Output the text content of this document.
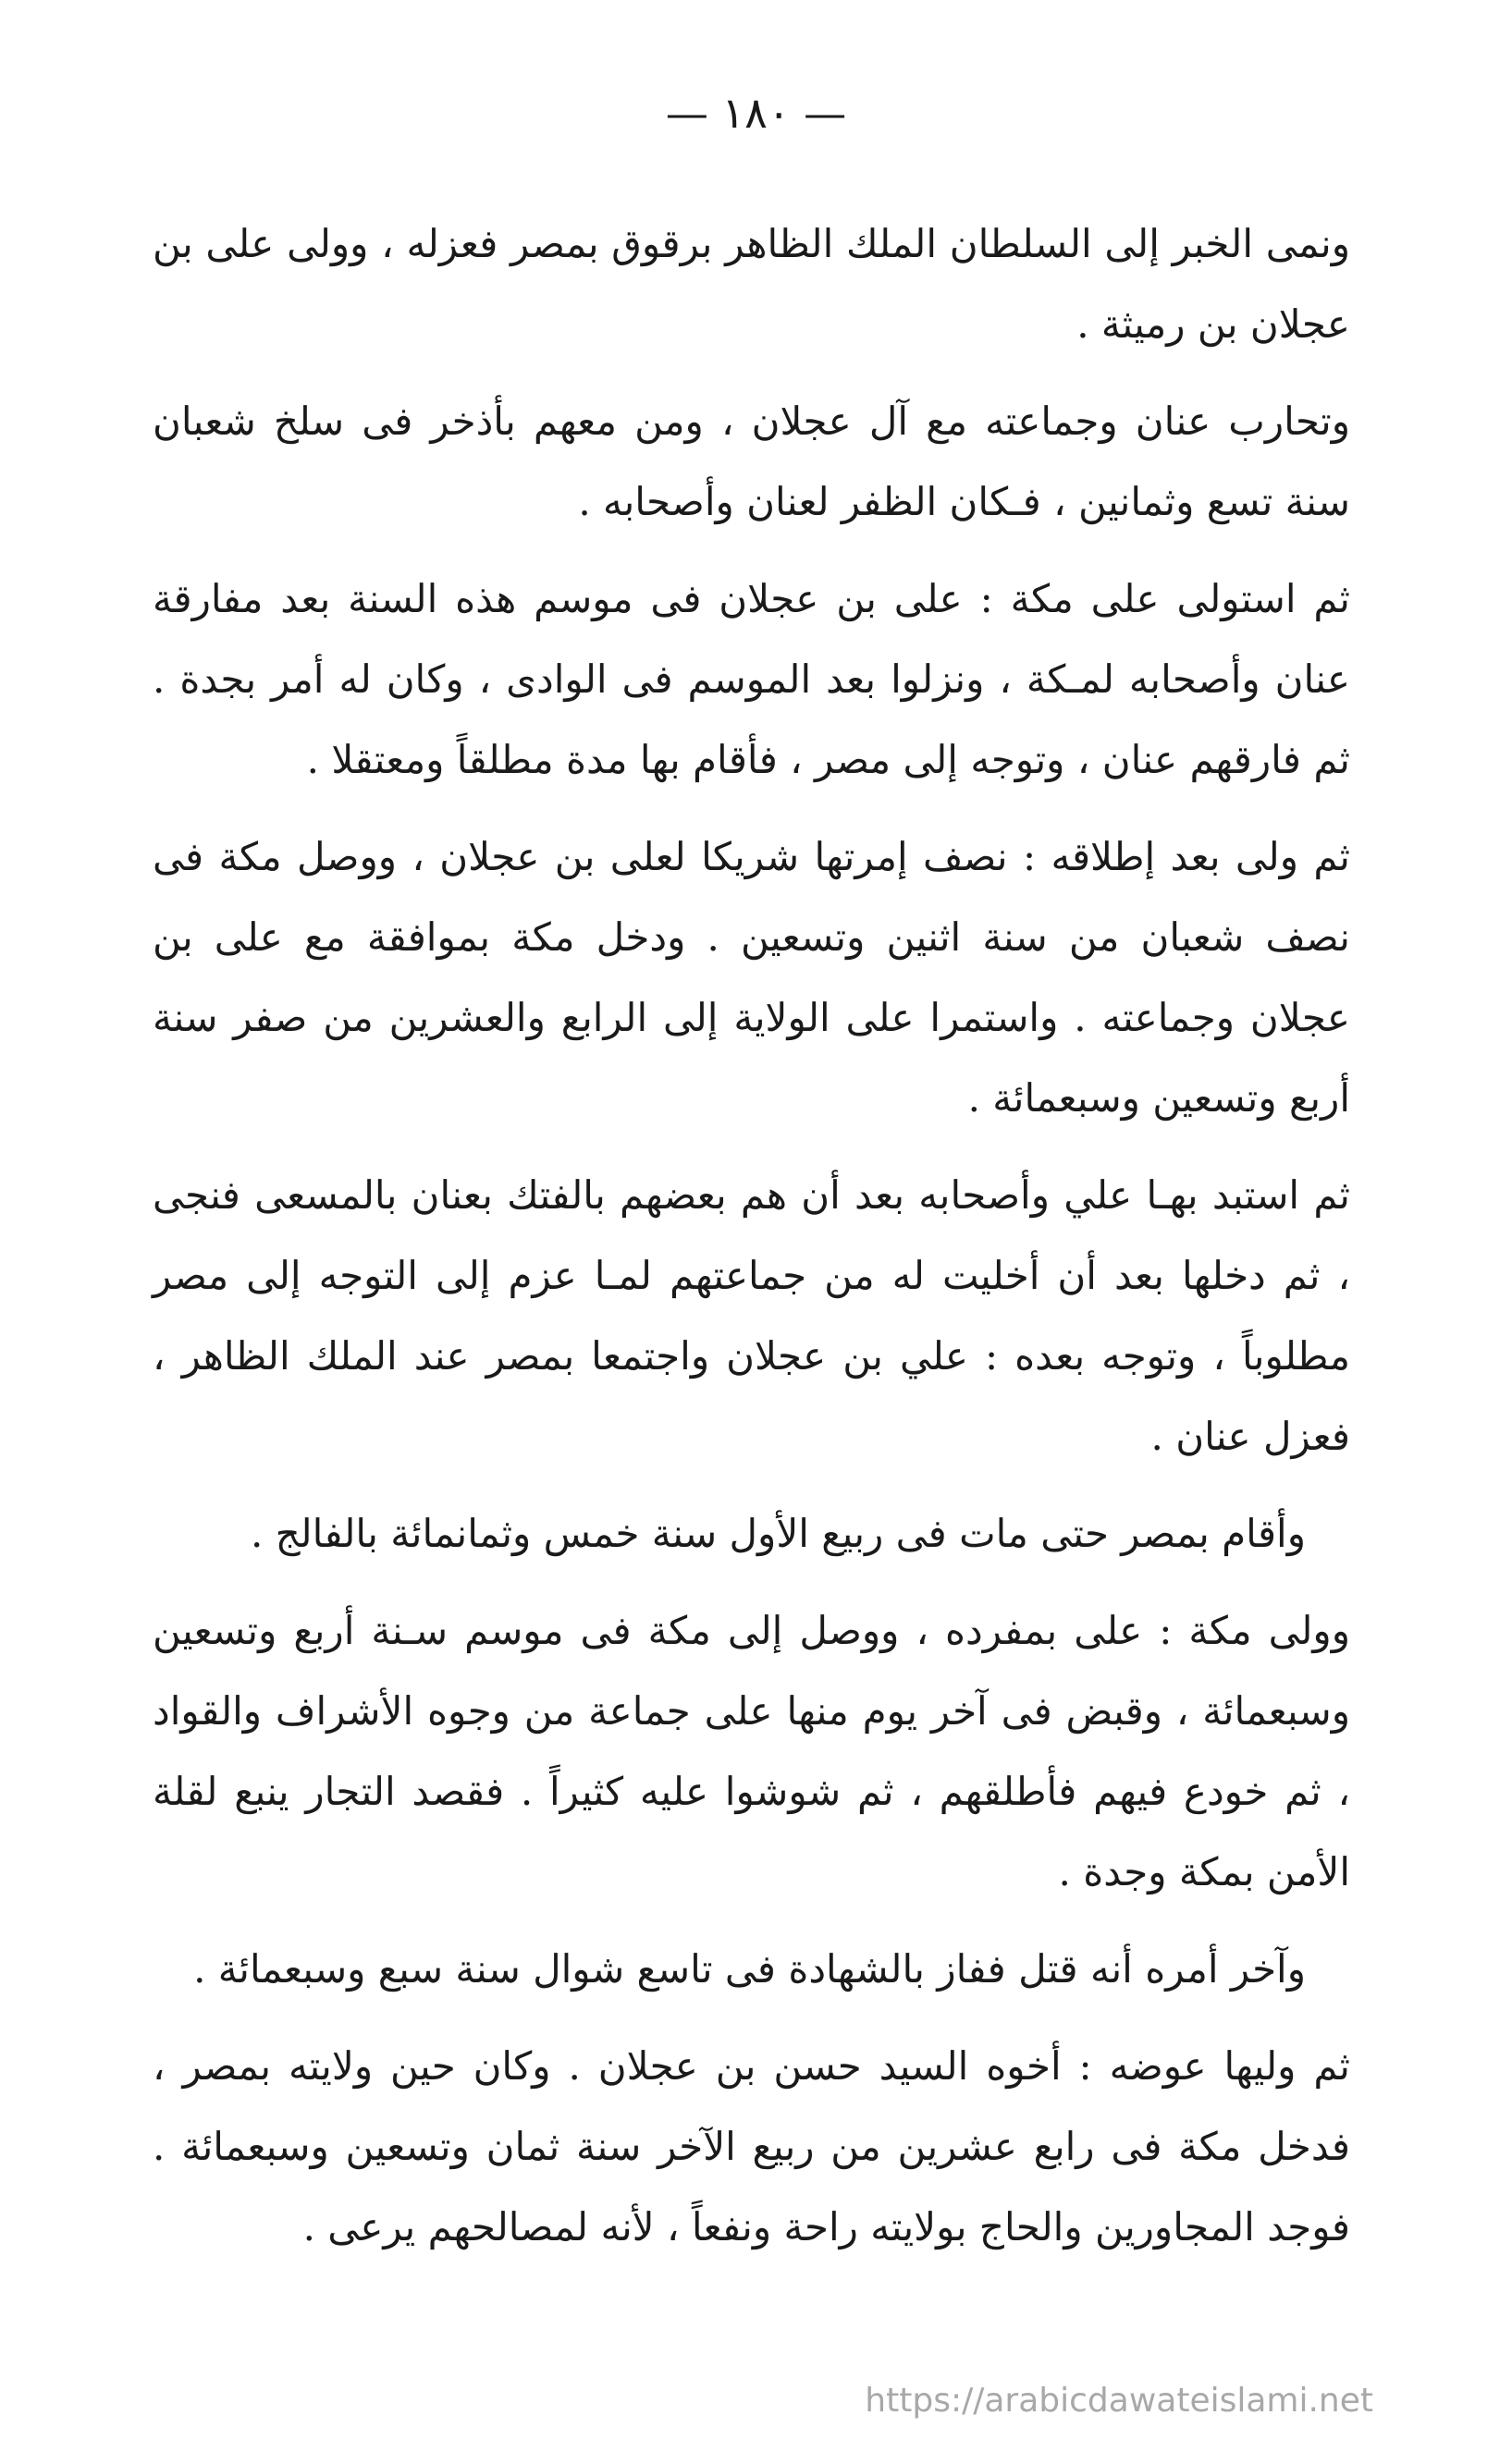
— ١٨٠ —

ونمى الخبر إلى السلطان الملك الظاهر برقوق بمصر فعزله ، وولى على بن عجلان بن رميثة .

وتحارب عنان وجماعته مع آل عجلان ، ومن معهم بأذخر فى سلخ شعبان سنة تسع وثمانين ، فـكان الظفر لعنان وأصحابه .

ثم استولى على مكة : على بن عجلان فى موسم هذه السنة بعد مفارقة عنان وأصحابه لمـكة ، ونزلوا بعد الموسم فى الوادى ، وكان له أمر بجدة . ثم فارقهم عنان ، وتوجه إلى مصر ، فأقام بها مدة مطلقاً ومعتقلا .

ثم ولى بعد إطلاقه : نصف إمرتها شريكا لعلى بن عجلان ، ووصل مكة فى نصف شعبان من سنة اثنين وتسعين . ودخل مكة بموافقة مع على بن عجلان وجماعته . واستمرا على الولاية إلى الرابع والعشرين من صفر سنة أربع وتسعين وسبعمائة .

ثم استبد بهـا علي وأصحابه بعد أن هم بعضهم بالفتك بعنان بالمسعى فنجى ، ثم دخلها بعد أن أخليت له من جماعتهم لمـا عزم إلى التوجه إلى مصر مطلوباً ، وتوجه بعده : علي بن عجلان واجتمعا بمصر عند الملك الظاهر ، فعزل عنان .

وأقام بمصر حتى مات فى ربيع الأول سنة خمس وثمانمائة بالفالج .

وولى مكة : على بمفرده ، ووصل إلى مكة فى موسم سـنة أربع وتسعين وسبعمائة ، وقبض فى آخر يوم منها على جماعة من وجوه الأشراف والقواد ، ثم خودع فيهم فأطلقهم ، ثم شوشوا عليه كثيراً . فقصد التجار ينبع لقلة الأمن بمكة وجدة .

وآخر أمره أنه قتل ففاز بالشهادة فى تاسع شوال سنة سبع وسبعمائة .

ثم وليها عوضه : أخوه السيد حسن بن عجلان . وكان حين ولايته بمصر ، فدخل مكة فى رابع عشرين من ربيع الآخر سنة ثمان وتسعين وسبعمائة . فوجد المجاورين والحاج بولايته راحة ونفعاً ، لأنه لمصالحهم يرعى .

https://arabicdawateislami.net
